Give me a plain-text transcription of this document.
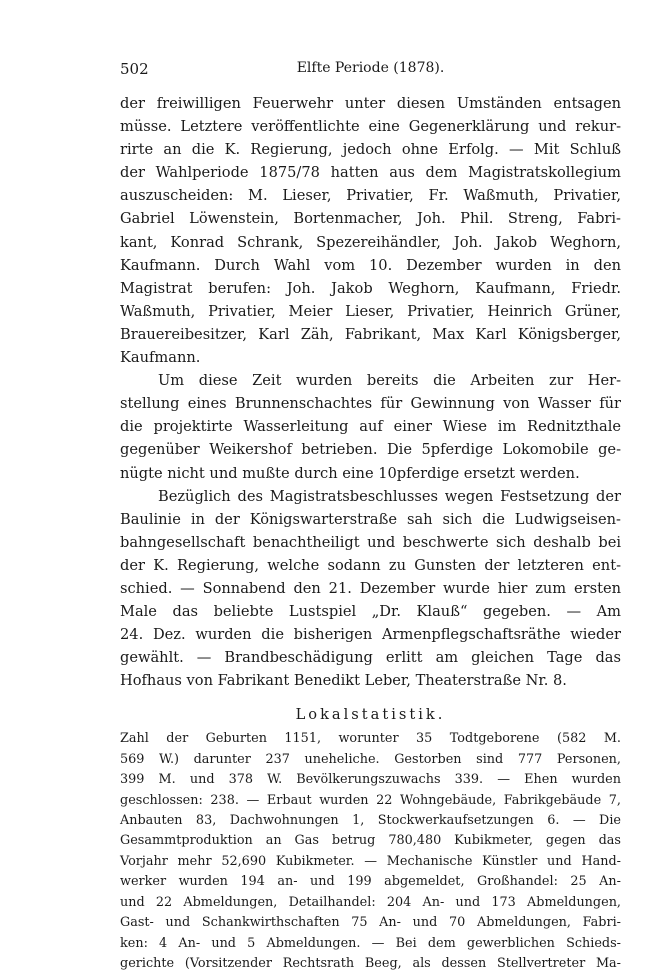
502	Elfte Periode (1878).
der freiwilligen Feuerwehr unter diesen Umständen entsagen
müsse. Letztere veröffentlichte eine Gegenerklärung und rekur-
rirte an die K. Regierung, jedoch ohne Erfolg. — Mit Schluß
der Wahlperiode 1875/78 hatten aus dem Magistratskollegium
auszuscheiden: M. Lieser, Privatier, Fr. Waßmuth, Privatier,
Gabriel Löwenstein, Bortenmacher, Joh. Phil. Streng, Fabri-
kant, Konrad Schrank, Spezereihändler, Joh. Jakob Weghorn,
Kaufmann. Durch Wahl vom 10. Dezember wurden in den
Magistrat berufen: Joh. Jakob Weghorn, Kaufmann, Friedr.
Waßmuth, Privatier, Meier Lieser, Privatier, Heinrich Grüner,
Brauereibesitzer, Karl Zäh, Fabrikant, Max Karl Königsberger,
Kaufmann.
Um diese Zeit wurden bereits die Arbeiten zur Her-
stellung eines Brunnenschachtes für Gewinnung von Wasser für
die projektirte Wasserleitung auf einer Wiese im Rednitzthale
gegenüber Weikershof betrieben. Die 5pferdige Lokomobile ge-
nügte nicht und mußte durch eine 10pferdige ersetzt werden.
Bezüglich des Magistratsbeschlusses wegen Festsetzung der
Baulinie in der Königswarterstraße sah sich die Ludwigseisen-
bahngesellschaft benachtheiligt und beschwerte sich deshalb bei
der K. Regierung, welche sodann zu Gunsten der letzteren ent-
schied. — Sonnabend den 21. Dezember wurde hier zum ersten
Male das beliebte Lustspiel „Dr. Klauß“ gegeben. — Am
24. Dez. wurden die bisherigen Armenpflegschaftsräthe wieder
gewählt. — Brandbeschädigung erlitt am gleichen Tage das
Hofhaus von Fabrikant Benedikt Leber, Theaterstraße Nr. 8.
Lokalstatistik.
Zahl der Geburten 1151, worunter 35 Todtgeborene (582 M.
569 W.) darunter 237 uneheliche. Gestorben sind 777 Personen,
399 M. und 378 W. Bevölkerungszuwachs 339. — Ehen wurden
geschlossen: 238. — Erbaut wurden 22 Wohngebäude, Fabrikgebäude 7,
Anbauten 83, Dachwohnungen 1, Stockwerkaufsetzungen 6. — Die
Gesammtproduktion an Gas betrug 780,480 Kubikmeter, gegen das
Vorjahr mehr 52,690 Kubikmeter. — Mechanische Künstler und Hand-
werker wurden 194 an- und 199 abgemeldet, Großhandel: 25 An-
und 22 Abmeldungen, Detailhandel: 204 An- und 173 Abmeldungen,
Gast- und Schankwirthschaften 75 An- und 70 Abmeldungen, Fabri-
ken: 4 An- und 5 Abmeldungen. — Bei dem gewerblichen Schieds-
gerichte (Vorsitzender Rechtsrath Beeg, als dessen Stellvertreter Ma-
